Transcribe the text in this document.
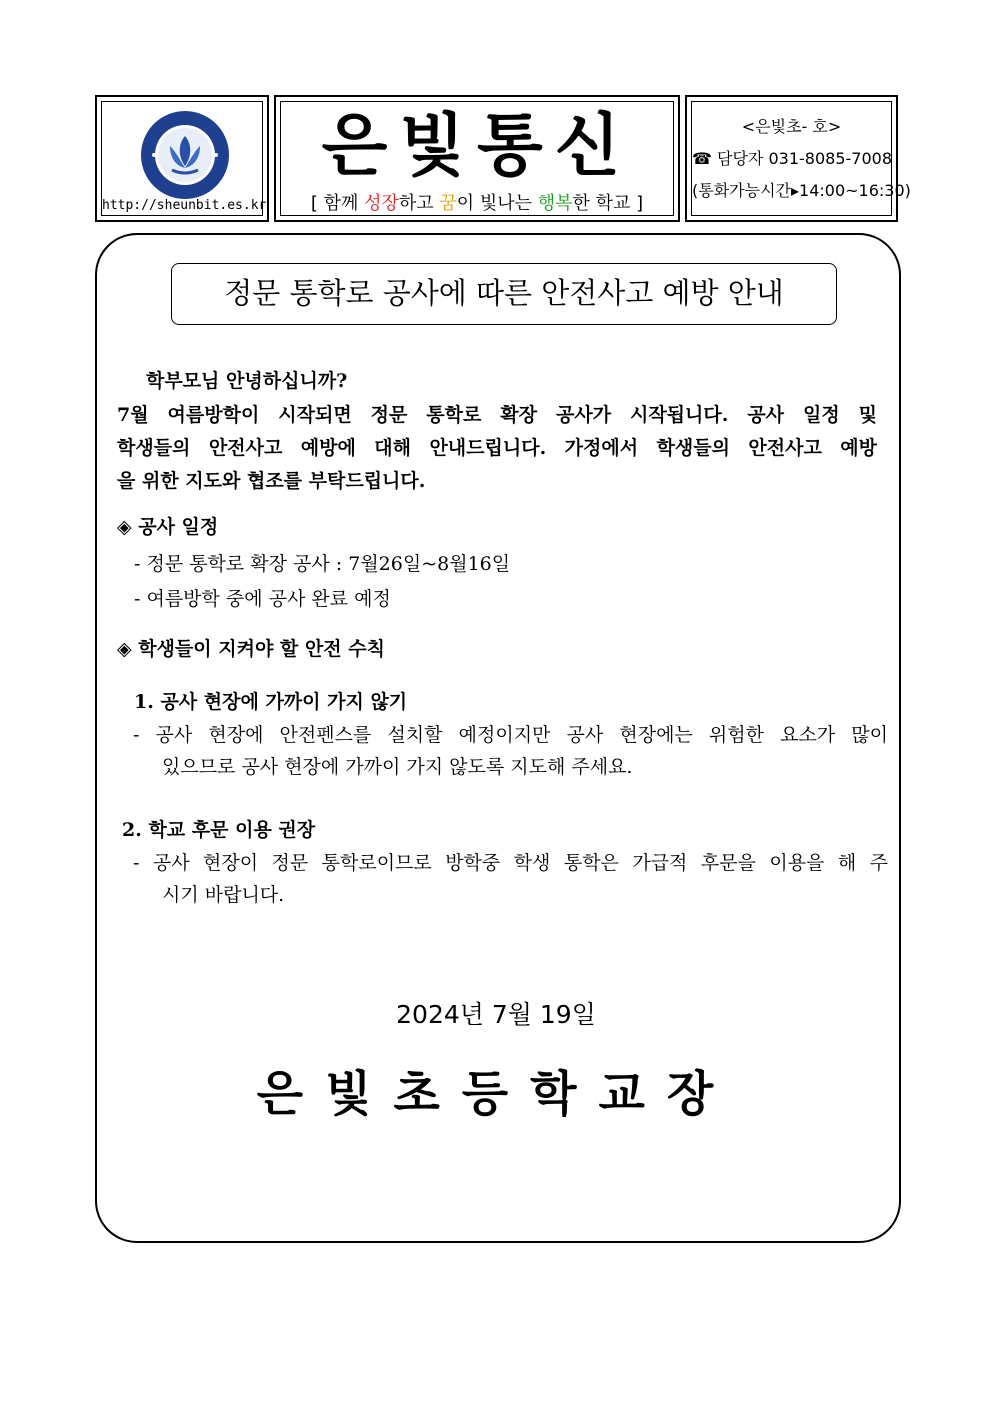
http://sheunbit.es.kr
은빛통신
[ 함께 성장하고 꿈이 빛나는 행복한 학교 ]
<은빛초- 호>
☎ 담당자 031-8085-7008
(통화가능시간▸14:00~16:30)
정문 통학로 공사에 따른 안전사고 예방 안내
학부모님 안녕하십니까?
7월 여름방학이 시작되면 정문 통학로 확장 공사가 시작됩니다. 공사 일정 및
학생들의 안전사고 예방에 대해 안내드립니다. 가정에서 학생들의 안전사고 예방
을 위한 지도와 협조를 부탁드립니다.
◈ 공사 일정
- 정문 통학로 확장 공사 : 7월26일~8월16일
- 여름방학 중에 공사 완료 예정
◈ 학생들이 지켜야 할 안전 수칙
1. 공사 현장에 가까이 가지 않기
- 공사 현장에 안전펜스를 설치할 예정이지만 공사 현장에는 위험한 요소가 많이
있으므로 공사 현장에 가까이 가지 않도록 지도해 주세요.
2. 학교 후문 이용 권장
- 공사 현장이 정문 통학로이므로 방학중 학생 통학은 가급적 후문을 이용을 해 주
시기 바랍니다.
2024년 7월 19일
은빛초등학교장
